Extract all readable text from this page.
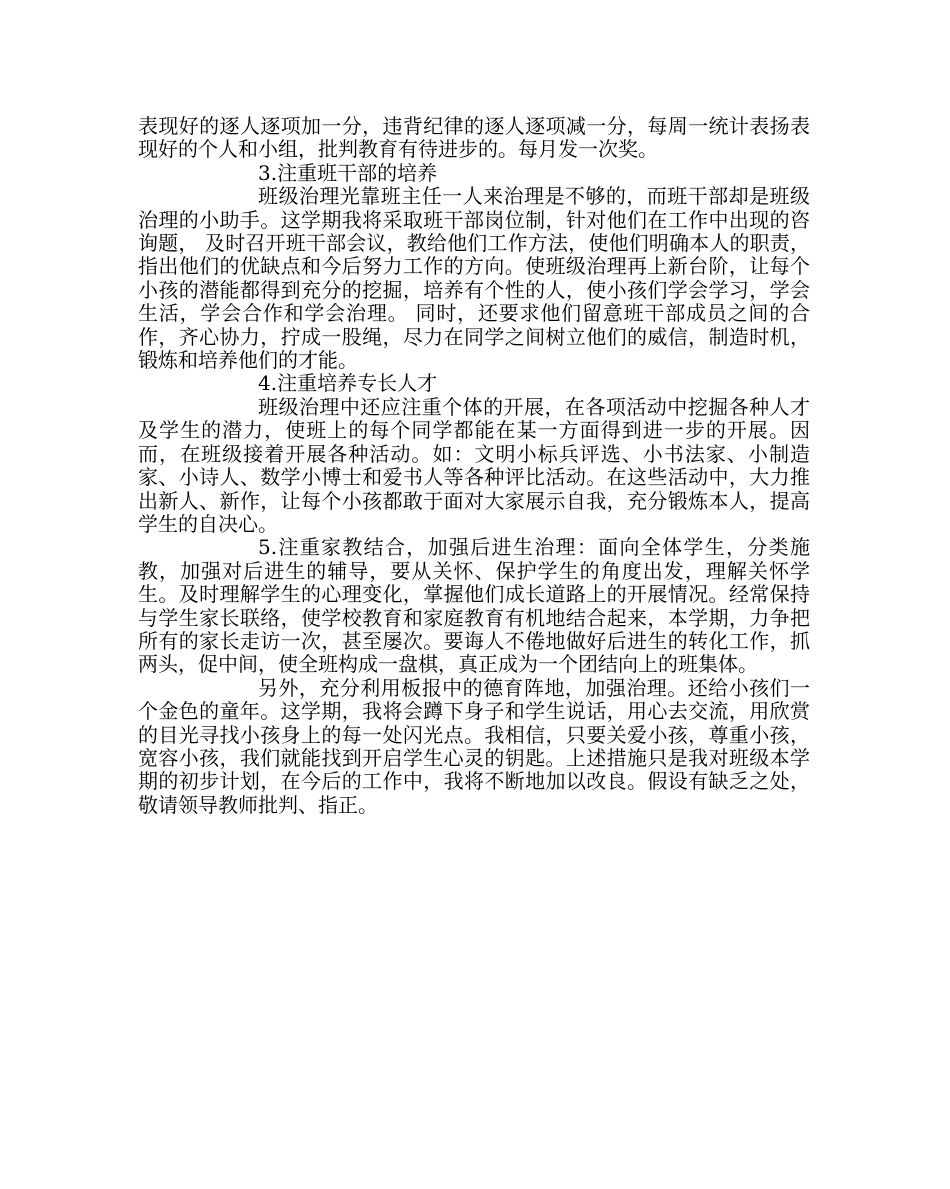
表现好的逐人逐项加一分，违背纪律的逐人逐项减一分，每周一统计表扬表现好的个人和小组，批判教育有待进步的。每月发一次奖。

3.注重班干部的培养

班级治理光靠班主任一人来治理是不够的，而班干部却是班级治理的小助手。这学期我将采取班干部岗位制，针对他们在工作中出现的咨询题， 及时召开班干部会议，教给他们工作方法，使他们明确本人的职责，指出他们的优缺点和今后努力工作的方向。使班级治理再上新台阶，让每个小孩的潜能都得到充分的挖掘，培养有个性的人，使小孩们学会学习，学会生活，学会合作和学会治理。 同时，还要求他们留意班干部成员之间的合作，齐心协力，拧成一股绳，尽力在同学之间树立他们的威信，制造时机，锻炼和培养他们的才能。

4.注重培养专长人才

班级治理中还应注重个体的开展，在各项活动中挖掘各种人才及学生的潜力，使班上的每个同学都能在某一方面得到进一步的开展。因而，在班级接着开展各种活动。如：文明小标兵评选、小书法家、小制造家、小诗人、数学小博士和爱书人等各种评比活动。在这些活动中，大力推出新人、新作，让每个小孩都敢于面对大家展示自我，充分锻炼本人，提高学生的自决心。

5.注重家教结合，加强后进生治理：面向全体学生，分类施教，加强对后进生的辅导，要从关怀、保护学生的角度出发，理解关怀学生。及时理解学生的心理变化，掌握他们成长道路上的开展情况。经常保持与学生家长联络，使学校教育和家庭教育有机地结合起来，本学期，力争把所有的家长走访一次，甚至屡次。要诲人不倦地做好后进生的转化工作，抓两头，促中间，使全班构成一盘棋，真正成为一个团结向上的班集体。

另外，充分利用板报中的德育阵地，加强治理。还给小孩们一个金色的童年。这学期，我将会蹲下身子和学生说话，用心去交流，用欣赏的目光寻找小孩身上的每一处闪光点。我相信，只要关爱小孩，尊重小孩，宽容小孩，我们就能找到开启学生心灵的钥匙。上述措施只是我对班级本学期的初步计划，在今后的工作中，我将不断地加以改良。假设有缺乏之处，敬请领导教师批判、指正。
